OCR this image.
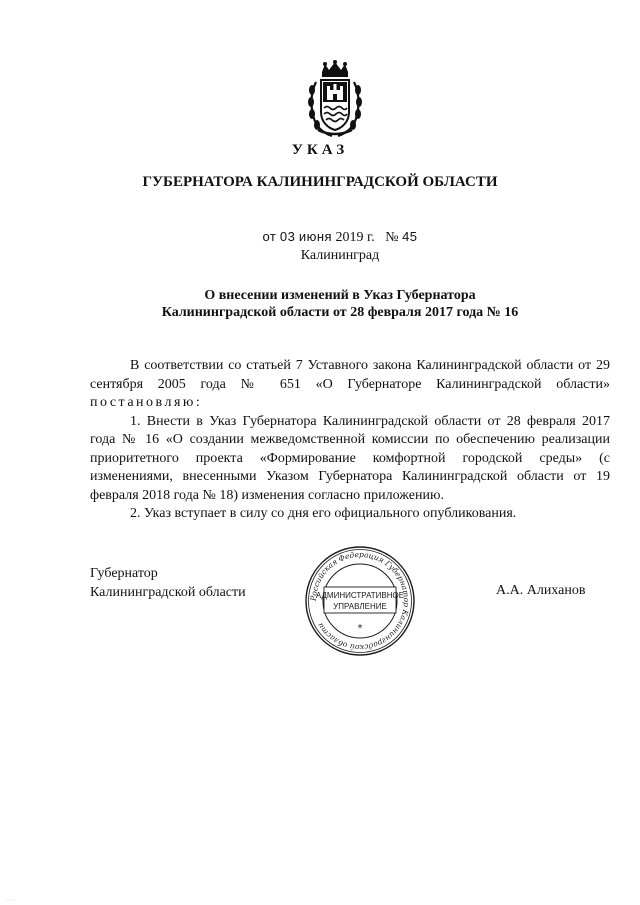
УКАЗ
ГУБЕРНАТОРА КАЛИНИНГРАДСКОЙ ОБЛАСТИ
от 03 июня 2019 г. № 45
Калининград
О внесении изменений в Указ Губернатора
Калининградской области от 28 февраля 2017 года № 16

В соответствии со статьей 7 Уставного закона Калининградской области от 29 сентября 2005 года № 651 «О Губернаторе Калининградской области» постановляю:

1. Внести в Указ Губернатора Калининградской области от 28 февраля 2017 года № 16 «О создании межведомственной комиссии по обеспечению реализации приоритетного проекта «Формирование комфортной городской среды» (с изменениями, внесенными Указом Губернатора Калининградской области от 19 февраля 2018 года № 18) изменения согласно приложению.

2. Указ вступает в силу со дня его официального опубликования.

Губернатор
Калининградской области	Российская Федерация Губернатор Калининградской области
АДМИНИСТРАТИВНОЕ
УПРАВЛЕНИЕ
*
А.А. Алиханов
· · ·
